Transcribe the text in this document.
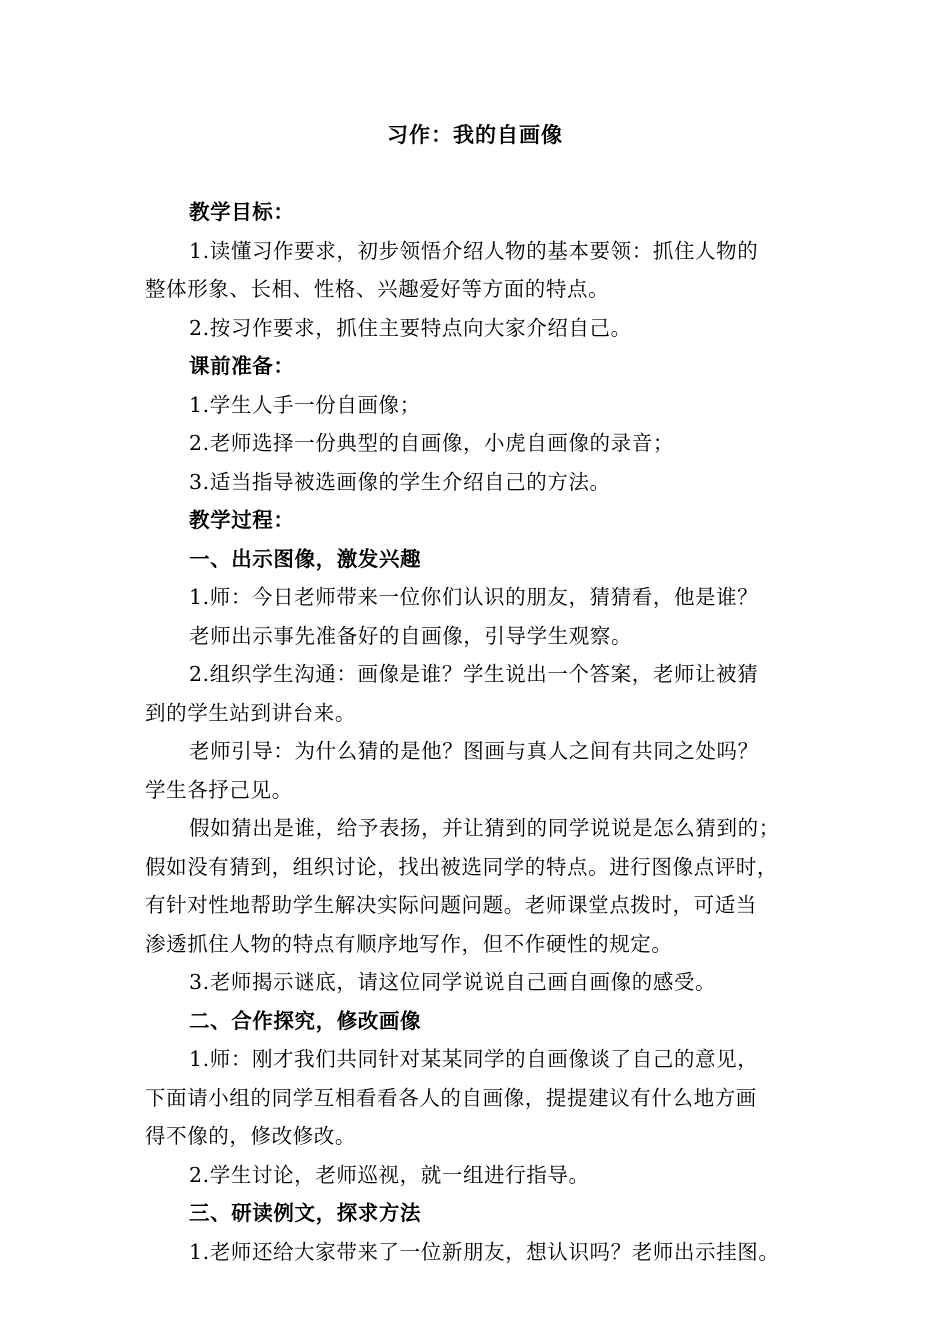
习作：我的自画像
教学目标：
1.读懂习作要求，初步领悟介绍人物的基本要领：抓住人物的
整体形象、长相、性格、兴趣爱好等方面的特点。
2.按习作要求，抓住主要特点向大家介绍自己。
课前准备：
1.学生人手一份自画像；
2.老师选择一份典型的自画像，小虎自画像的录音；
3.适当指导被选画像的学生介绍自己的方法。
教学过程：
一、出示图像，激发兴趣
1.师：今日老师带来一位你们认识的朋友，猜猜看，他是谁？
老师出示事先准备好的自画像，引导学生观察。
2.组织学生沟通：画像是谁？学生说出一个答案，老师让被猜
到的学生站到讲台来。
老师引导：为什么猜的是他？图画与真人之间有共同之处吗？
学生各抒己见。
假如猜出是谁，给予表扬，并让猜到的同学说说是怎么猜到的；
假如没有猜到，组织讨论，找出被选同学的特点。进行图像点评时，
有针对性地帮助学生解决实际问题问题。老师课堂点拨时，可适当
渗透抓住人物的特点有顺序地写作，但不作硬性的规定。
3.老师揭示谜底，请这位同学说说自己画自画像的感受。
二、合作探究，修改画像
1.师：刚才我们共同针对某某同学的自画像谈了自己的意见，
下面请小组的同学互相看看各人的自画像，提提建议有什么地方画
得不像的，修改修改。
2.学生讨论，老师巡视，就一组进行指导。
三、研读例文，探求方法
1.老师还给大家带来了一位新朋友，想认识吗？老师出示挂图。
